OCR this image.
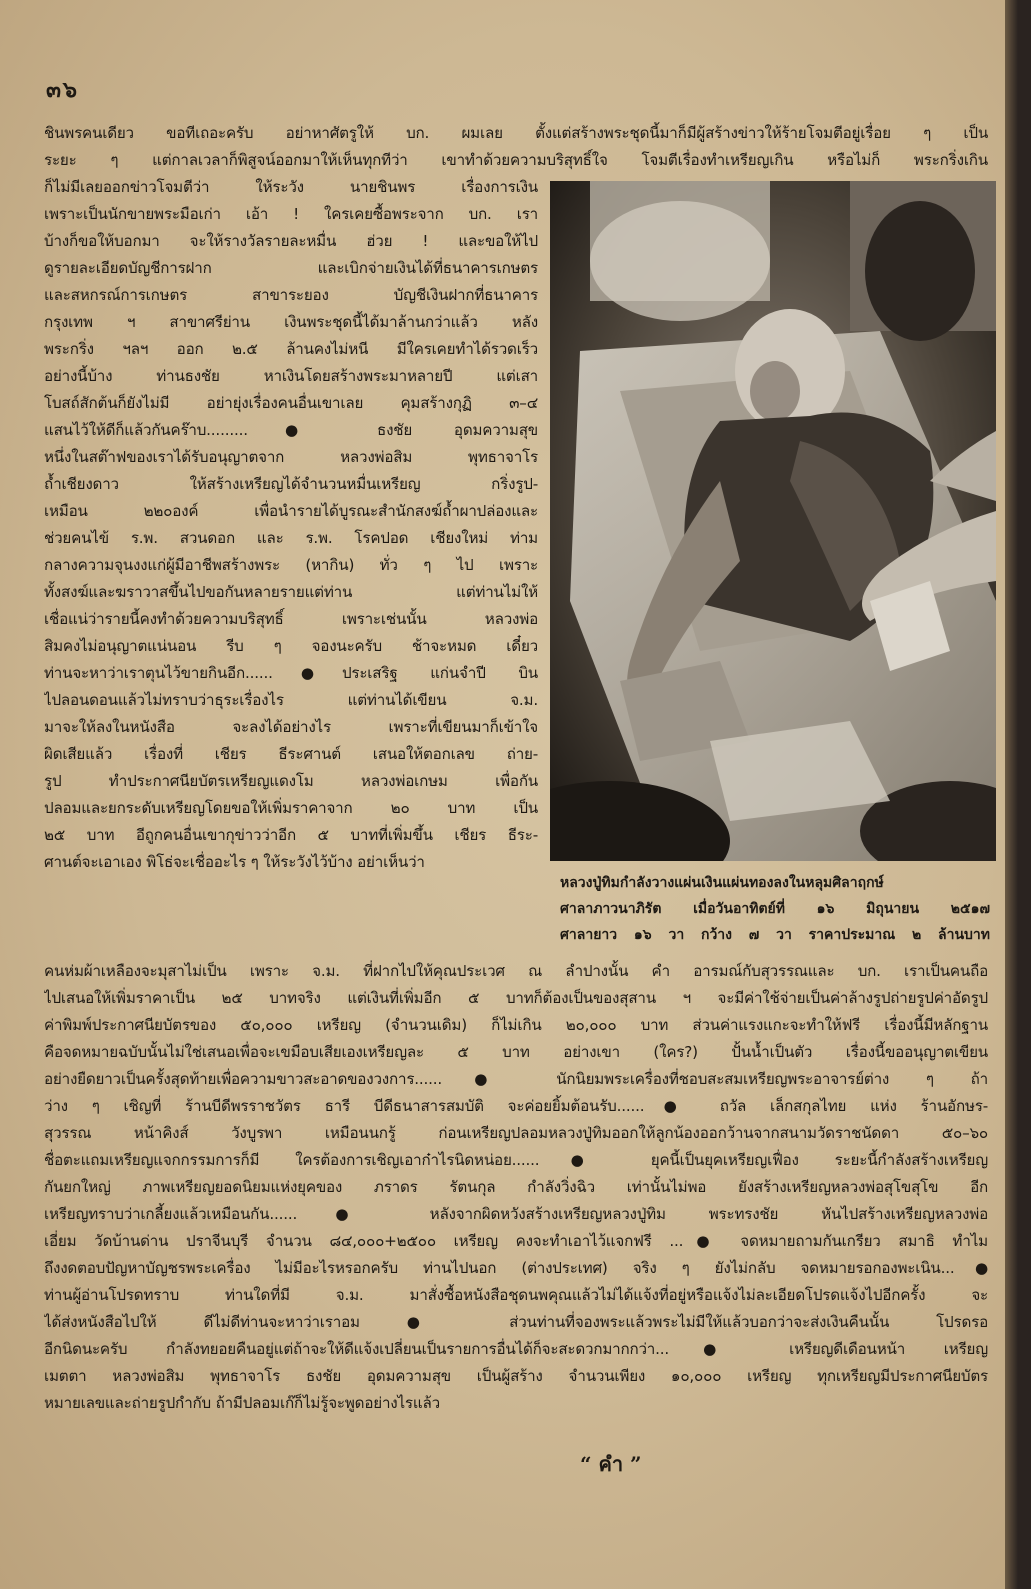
๓๖
ชินพรคนเดียว ขอทีเถอะครับ อย่าหาศัตรูให้ บก. ผมเลย ตั้งแต่สร้างพระชุดนี้มาก็มีผู้สร้างข่าวให้ร้ายโจมตีอยู่เรื่อย ๆ เป็น
ระยะ ๆ แต่กาลเวลาก็พิสูจน์ออกมาให้เห็นทุกทีว่า เขาทำด้วยความบริสุทธิ์ใจ โจมตีเรื่องทำเหรียญเกิน หรือไม่ก็ พระกริ่งเกิน
ก็ไม่มีเลยออกข่าวโจมตีว่า ให้ระวัง นายชินพร เรื่องการเงิน
เพราะเป็นนักขายพระมือเก่า เอ้า ! ใครเคยซื้อพระจาก บก. เรา
บ้างก็ขอให้บอกมา จะให้รางวัลรายละหมื่น ฮ่วย ! และขอให้ไป
ดูรายละเอียดบัญชีการฝาก และเบิกจ่ายเงินได้ที่ธนาคารเกษตร
และสหกรณ์การเกษตร สาขาระยอง บัญชีเงินฝากที่ธนาคาร
กรุงเทพ ฯ สาขาศรีย่าน เงินพระชุดนี้ได้มาล้านกว่าแล้ว หลัง
พระกริ่ง ฯลฯ ออก ๒.๕ ล้านคงไม่หนี มีใครเคยทำได้รวดเร็ว
อย่างนี้บ้าง ท่านธงชัย หาเงินโดยสร้างพระมาหลายปี แต่เสา
โบสถ์สักต้นก็ยังไม่มี อย่ายุ่งเรื่องคนอื่นเขาเลย คุมสร้างกุฏิ ๓–๔
แสนไว้ให้ดีก็แล้วกันคร๊าบ.........● ธงชัย อุดมความสุข
หนึ่งในสต๊าฟของเราได้รับอนุญาตจาก หลวงพ่อสิม พุทธาจาโร
ถ้ำเชียงดาว ให้สร้างเหรียญได้จำนวนหมื่นเหรียญ กริ่งรูป-
เหมือน ๒๒๐องค์ เพื่อนำรายได้บูรณะสำนักสงฆ์ถ้ำผาปล่องและ
ช่วยคนไข้ ร.พ. สวนดอก และ ร.พ. โรคปอด เชียงใหม่ ท่าม
กลางความจุนงงแก่ผู้มีอาชีพสร้างพระ (หากิน) ทั่ว ๆ ไป เพราะ
ทั้งสงฆ์และฆราวาสขึ้นไปขอกันหลายรายแต่ท่าน แต่ท่านไม่ให้
เชื่อแน่ว่ารายนี้คงทำด้วยความบริสุทธิ์ เพราะเช่นนั้น หลวงพ่อ
สิมคงไม่อนุญาตแน่นอน รีบ ๆ จองนะครับ ช้าจะหมด เดี๋ยว
ท่านจะหาว่าเราตุนไว้ขายกินอีก......●ประเสริฐ แก่นจำปี บิน
ไปลอนดอนแล้วไม่ทราบว่าธุระเรื่องไร แต่ท่านได้เขียน จ.ม.
มาจะให้ลงในหนังสือ จะลงได้อย่างไร เพราะที่เขียนมาก็เข้าใจ
ผิดเสียแล้ว เรื่องที่ เชียร ธีระศานต์ เสนอให้ตอกเลข ถ่าย-
รูป ทำประกาศนียบัตรเหรียญแดงโม หลวงพ่อเกษม เพื่อกัน
ปลอมและยกระดับเหรียญโดยขอให้เพิ่มราคาจาก ๒๐ บาท เป็น
๒๕ บาท อีถูกคนอื่นเขากุข่าวว่าอีก ๕ บาทที่เพิ่มขึ้น เชียร ธีระ-
ศานต์จะเอาเอง พิโธ่จะเชื่ออะไร ๆ ให้ระวังไว้บ้าง อย่าเห็นว่า
หลวงปู่ทิมกำลังวางแผ่นเงินแผ่นทองลงในหลุมศิลาฤกษ์
ศาลาภาวนาภิรัต เมื่อวันอาทิตย์ที่ ๑๖ มิถุนายน ๒๕๑๗
ศาลายาว ๑๖ วา กว้าง ๗ วา ราคาประมาณ ๒ ล้านบาท
คนห่มผ้าเหลืองจะมุสาไม่เป็น เพราะ จ.ม. ที่ฝากไปให้คุณประเวศ ณ ลำปางนั้น คำ อารมณ์กับสุวรรณและ บก. เราเป็นคนถือ
ไปเสนอให้เพิ่มราคาเป็น ๒๕ บาทจริง แต่เงินที่เพิ่มอีก ๕ บาทก็ต้องเป็นของสุสาน ฯ จะมีค่าใช้จ่ายเป็นค่าล้างรูปถ่ายรูปค่าอัดรูป
ค่าพิมพ์ประกาศนียบัตรของ ๕๐,๐๐๐ เหรียญ (จำนวนเดิม) ก็ไม่เกิน ๒๐,๐๐๐ บาท ส่วนค่าแรงแกะจะทำให้ฟรี เรื่องนี้มีหลักฐาน
คือจดหมายฉบับนั้นไม่ใช่เสนอเพื่อจะเขมือบเสียเองเหรียญละ ๕ บาท อย่างเขา (ใคร?) ปั้นน้ำเป็นตัว เรื่องนี้ขออนุญาตเขียน
อย่างยืดยาวเป็นครั้งสุดท้ายเพื่อความขาวสะอาดของวงการ......● นักนิยมพระเครื่องที่ชอบสะสมเหรียญพระอาจารย์ต่าง ๆ ถ้า
ว่าง ๆ เชิญที่ ร้านบีดีพรราชวัตร ธารี บีดีธนาสารสมบัติ จะค่อยยิ้มต้อนรับ......● ถวัล เล็กสกุลไทย แห่ง ร้านอักษร-
สุวรรณ หน้าคิงส์ วังบูรพา เหมือนนกรู้ ก่อนเหรียญปลอมหลวงปู่ทิมออกให้ลูกน้องออกว้านจากสนามวัดราชนัดดา ๕๐–๖๐
ชื่อตะแถมเหรียญแจกกรรมการก็มี ใครต้องการเชิญเอาก๋าไรนิดหน่อย......● ยุคนี้เป็นยุคเหรียญเฟื่อง ระยะนี้กำลังสร้างเหรียญ
กันยกใหญ่ ภาพเหรียญยอดนิยมแห่งยุคของ ภราดร รัตนกุล กำลังวิ่งฉิว เท่านั้นไม่พอ ยังสร้างเหรียญหลวงพ่อสุโขสุโข อีก
เหรียญทราบว่าเกลี้ยงแล้วเหมือนกัน......● หลังจากผิดหวังสร้างเหรียญหลวงปู่ทิม พระทรงชัย หันไปสร้างเหรียญหลวงพ่อ
เอี่ยม วัดบ้านด่าน ปราจีนบุรี จำนวน ๘๔,๐๐๐+๒๕๐๐ เหรียญ คงจะทำเอาไว้แจกฟรี ...● จดหมายถามกันเกรียว สมาธิ ทำไม
ถึงงดตอบปัญหาบัญชรพระเครื่อง ไม่มีอะไรหรอกครับ ท่านไปนอก (ต่างประเทศ) จริง ๆ ยังไม่กลับ จดหมายรอกองพะเนิน...●
ท่านผู้อ่านโปรดทราบ ท่านใดที่มี จ.ม. มาสั่งซื้อหนังสือชุดนพคุณแล้วไม่ได้แจ้งที่อยู่หรือแจ้งไม่ละเอียดโปรดแจ้งไปอีกครั้ง จะ
ได้ส่งหนังสือไปให้ ดีไม่ดีท่านจะหาว่าเราอม ● ส่วนท่านที่จองพระแล้วพระไม่มีให้แล้วบอกว่าจะส่งเงินคืนนั้น โปรดรอ
อีกนิดนะครับ กำลังทยอยคืนอยู่แต่ถ้าจะให้ดีแจ้งเปลี่ยนเป็นรายการอื่นได้ก็จะสะดวกมากกว่า...● เหรียญดีเดือนหน้า เหรียญ
เมตตา หลวงพ่อสิม พุทธาจาโร ธงชัย อุดมความสุข เป็นผู้สร้าง จำนวนเพียง ๑๐,๐๐๐ เหรียญ ทุกเหรียญมีประกาศนียบัตร
หมายเลขและถ่ายรูปกำกับ ถ้ามีปลอมเก๊ก็ไม่รู้จะพูดอย่างไรแล้ว
“ คำ ”
